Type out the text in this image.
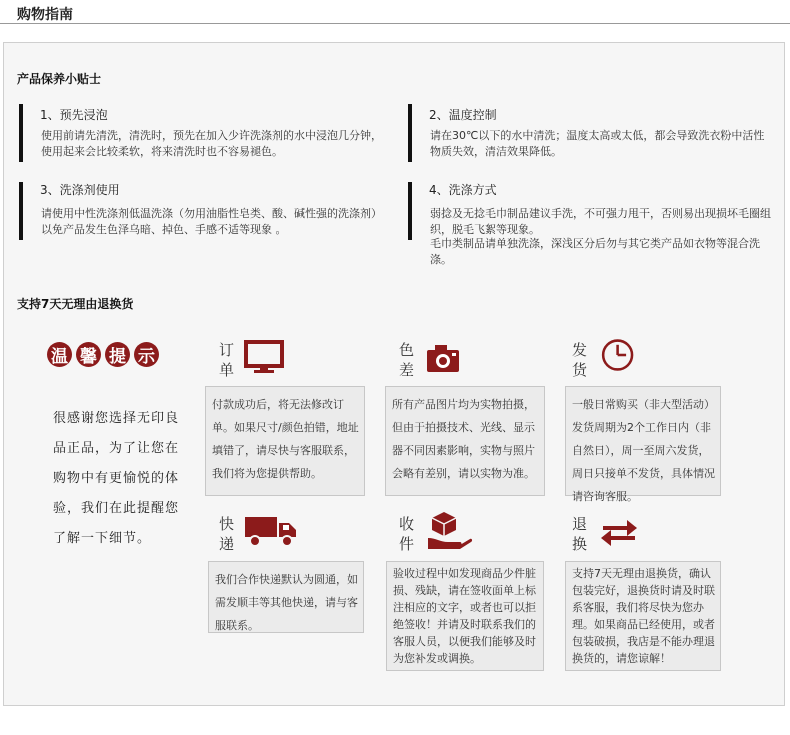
购物指南
产品保养小贴士
1、预先浸泡
使用前请先清洗，清洗时，预先在加入少许洗涤剂的水中浸泡几分钟，使用起来会比较柔软，将来清洗时也不容易褪色。
2、温度控制
请在30℃以下的水中清洗；温度太高或太低，都会导致洗衣粉中活性物质失效，清洁效果降低。
3、洗涤剂使用
请使用中性洗涤剂低温洗涤（勿用油脂性皂类、酸、碱性强的洗涤剂）以免产品发生色泽乌暗、掉色、手感不适等现象 。
4、洗涤方式
弱捻及无捻毛巾制品建议手洗，不可强力甩干，否则易出现损坏毛圈组织，脱毛飞絮等现象。
毛巾类制品请单独洗涤，深浅区分后勿与其它类产品如衣物等混合洗涤。
支持7天无理由退换货
温 馨 提 示
很感谢您选择无印良品正品，为了让您在购物中有更愉悦的体验，我们在此提醒您了解一下细节。
订单
付款成功后，将无法修改订单。如果尺寸/颜色拍错，地址填错了，请尽快与客服联系，我们将为您提供帮助。
色差
所有产品图片均为实物拍摄，但由于拍摄技术、光线、显示器不同因素影响，实物与照片会略有差别，请以实物为准。
发货
一般日常购买（非大型活动）发货周期为2个工作日内（非自然日），周一至周六发货，周日只接单不发货，具体情况请咨询客服。
快递
我们合作快递默认为圆通，如需发顺丰等其他快递，请与客服联系。
收件
验收过程中如发现商品少件脏损、残缺，请在签收面单上标注相应的文字，或者也可以拒绝签收！并请及时联系我们的客服人员，以便我们能够及时为您补发或调换。
退换
支持7天无理由退换货，确认包装完好，退换货时请及时联系客服，我们将尽快为您办理。如果商品已经使用，或者包装破损，我店是不能办理退换货的，请您谅解！
